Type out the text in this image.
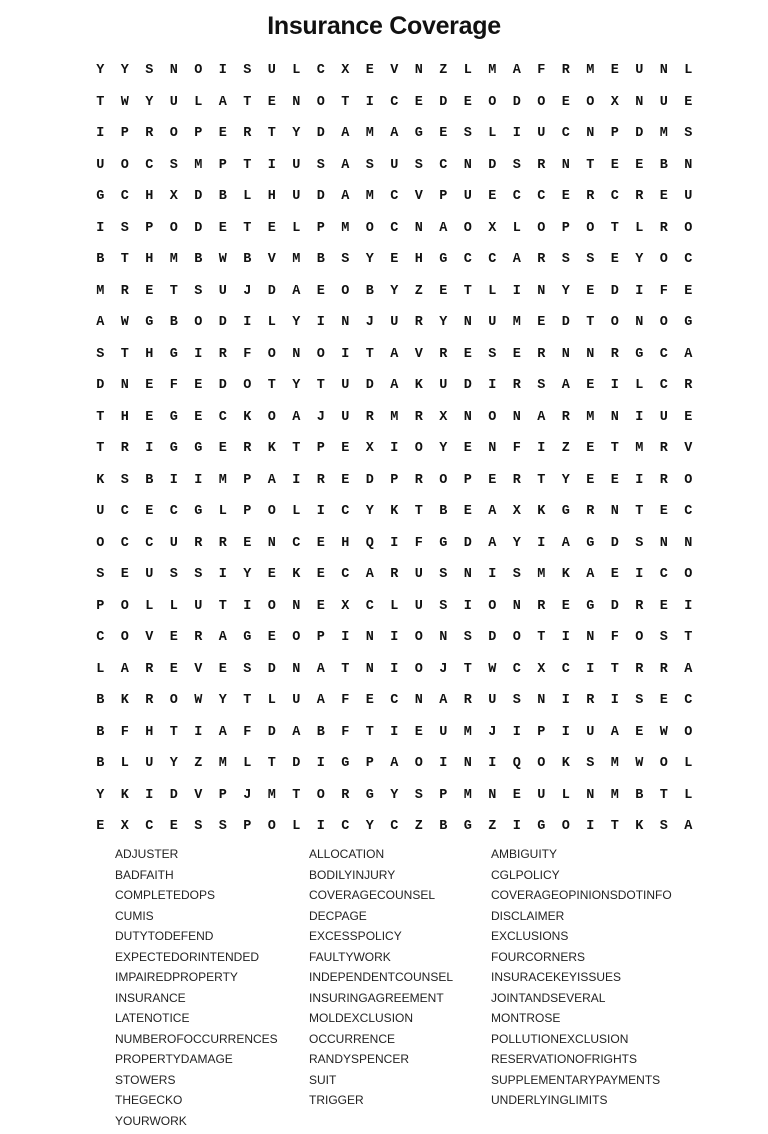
Insurance Coverage
Y	Y	S	N	O	I	S	U	L	C	X	E	V	N	Z	L	M	A	F	R	M	E	U	N	L
T	W	Y	U	L	A	T	E	N	O	T	I	C	E	D	E	O	D	O	E	O	X	N	U	E
I	P	R	O	P	E	R	T	Y	D	A	M	A	G	E	S	L	I	U	C	N	P	D	M	S
U	O	C	S	M	P	T	I	U	S	A	S	U	S	C	N	D	S	R	N	T	E	E	B	N
G	C	H	X	D	B	L	H	U	D	A	M	C	V	P	U	E	C	C	E	R	C	R	E	U
I	S	P	O	D	E	T	E	L	P	M	O	C	N	A	O	X	L	O	P	O	T	L	R	O
B	T	H	M	B	W	B	V	M	B	S	Y	E	H	G	C	C	A	R	S	S	E	Y	O	C
M	R	E	T	S	U	J	D	A	E	O	B	Y	Z	E	T	L	I	N	Y	E	D	I	F	E
A	W	G	B	O	D	I	L	Y	I	N	J	U	R	Y	N	U	M	E	D	T	O	N	O	G
S	T	H	G	I	R	F	O	N	O	I	T	A	V	R	E	S	E	R	N	N	R	G	C	A
D	N	E	F	E	D	O	T	Y	T	U	D	A	K	U	D	I	R	S	A	E	I	L	C	R
T	H	E	G	E	C	K	O	A	J	U	R	M	R	X	N	O	N	A	R	M	N	I	U	E
T	R	I	G	G	E	R	K	T	P	E	X	I	O	Y	E	N	F	I	Z	E	T	M	R	V
K	S	B	I	I	M	P	A	I	R	E	D	P	R	O	P	E	R	T	Y	E	E	I	R	O
U	C	E	C	G	L	P	O	L	I	C	Y	K	T	B	E	A	X	K	G	R	N	T	E	C
O	C	C	U	R	R	E	N	C	E	H	Q	I	F	G	D	A	Y	I	A	G	D	S	N	N
S	E	U	S	S	I	Y	E	K	E	C	A	R	U	S	N	I	S	M	K	A	E	I	C	O
P	O	L	L	U	T	I	O	N	E	X	C	L	U	S	I	O	N	R	E	G	D	R	E	I
C	O	V	E	R	A	G	E	O	P	I	N	I	O	N	S	D	O	T	I	N	F	O	S	T
L	A	R	E	V	E	S	D	N	A	T	N	I	O	J	T	W	C	X	C	I	T	R	R	A
B	K	R	O	W	Y	T	L	U	A	F	E	C	N	A	R	U	S	N	I	R	I	S	E	C
B	F	H	T	I	A	F	D	A	B	F	T	I	E	U	M	J	I	P	I	U	A	E	W	O
B	L	U	Y	Z	M	L	T	D	I	G	P	A	O	I	N	I	Q	O	K	S	M	W	O	L
Y	K	I	D	V	P	J	M	T	O	R	G	Y	S	P	M	N	E	U	L	N	M	B	T	L
E	X	C	E	S	S	P	O	L	I	C	Y	C	Z	B	G	Z	I	G	O	I	T	K	S	A
ADJUSTER
BADFAITH
COMPLETEDOPS
CUMIS
DUTYTODEFEND
EXPECTEDORINTENDED
IMPAIREDPROPERTY
INSURANCE
LATENOTICE
NUMBEROFOCCURRENCES
PROPERTYDAMAGE
STOWERS
THEGECKO
YOURWORK
ALLOCATION
BODILYINJURY
COVERAGECOUNSEL
DECPAGE
EXCESSPOLICY
FAULTYWORK
INDEPENDENTCOUNSEL
INSURINGAGREEMENT
MOLDEXCLUSION
OCCURRENCE
RANDYSPENCER
SUIT
TRIGGER
AMBIGUITY
CGLPOLICY
COVERAGEOPINIONSDOTINFO
DISCLAIMER
EXCLUSIONS
FOURCORNERS
INSURACEKEYISSUES
JOINTANDSEVERAL
MONTROSE
POLLUTIONEXCLUSION
RESERVATIONOFRIGHTS
SUPPLEMENTARYPAYMENTS
UNDERLYINGLIMITS
